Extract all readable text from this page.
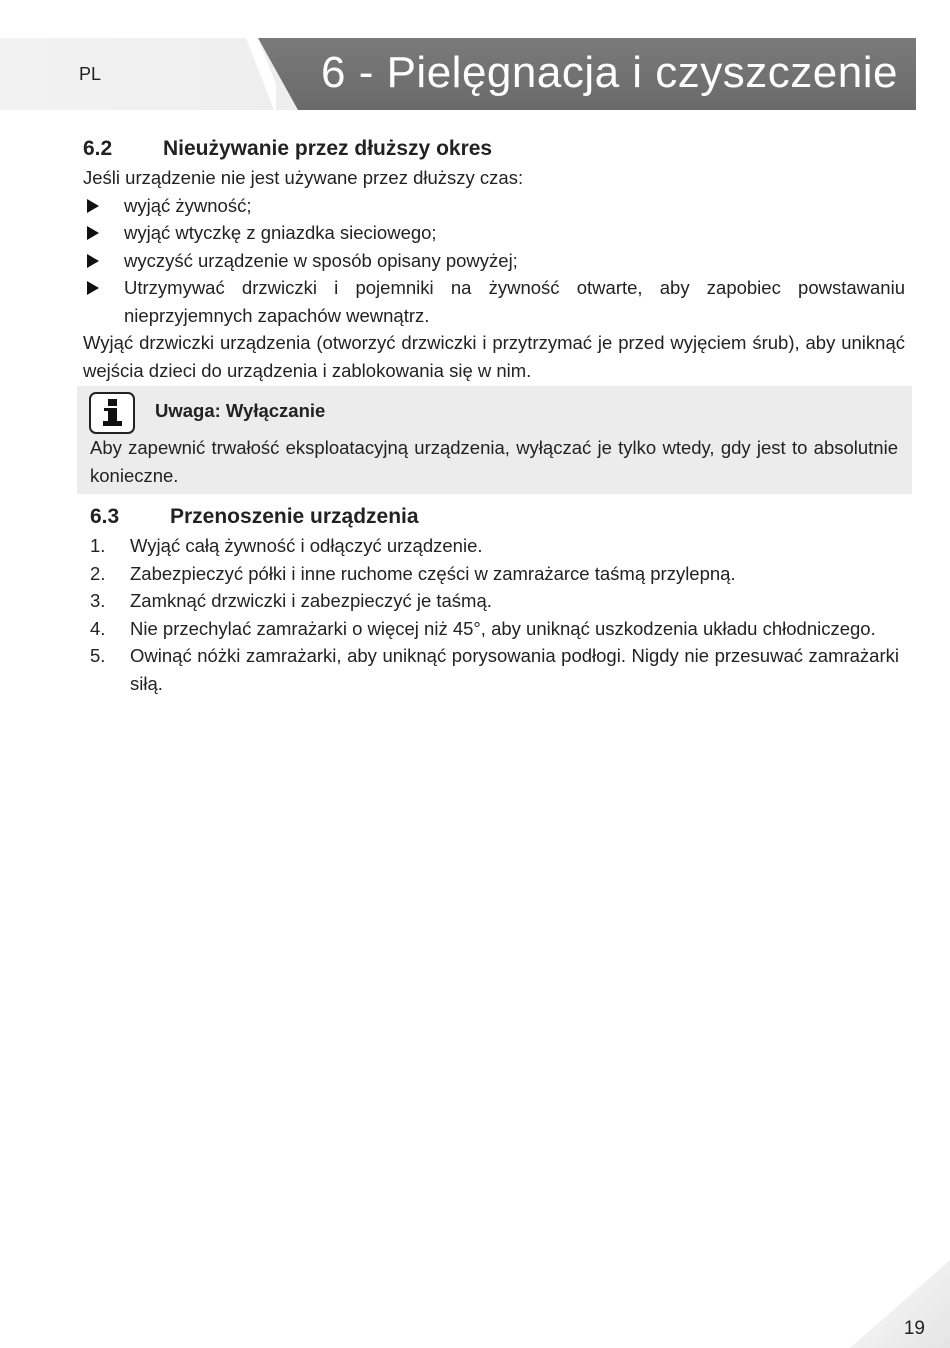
PL	6 - Pielęgnacja i czyszczenie
6.2	Nieużywanie przez dłuższy okres

Jeśli urządzenie nie jest używane przez dłuższy czas:

wyjąć żywność;
wyjąć wtyczkę z gniazdka sieciowego;
wyczyść urządzenie w sposób opisany powyżej;
Utrzymywać drzwiczki i pojemniki na żywność otwarte, aby zapobiec powstawaniu nieprzyjemnych zapachów wewnątrz.

Wyjąć drzwiczki urządzenia (otworzyć drzwiczki i przytrzymać je przed wyjęciem śrub), aby uniknąć wejścia dzieci do urządzenia i zablokowania się w nim.

Uwaga: Wyłączanie

Aby zapewnić trwałość eksploatacyjną urządzenia, wyłączać je tylko wtedy, gdy jest to absolutnie konieczne.

6.3	Przenoszenie urządzenia
1. Wyjąć całą żywność i odłączyć urządzenie.
2. Zabezpieczyć półki i inne ruchome części w zamrażarce taśmą przylepną.
3. Zamknąć drzwiczki i zabezpieczyć je taśmą.
4. Nie przechylać zamrażarki o więcej niż 45°, aby uniknąć uszkodzenia układu chłodniczego.
5. Owinąć nóżki zamrażarki, aby uniknąć porysowania podłogi. Nigdy nie przesuwać zamrażarki siłą.
19
